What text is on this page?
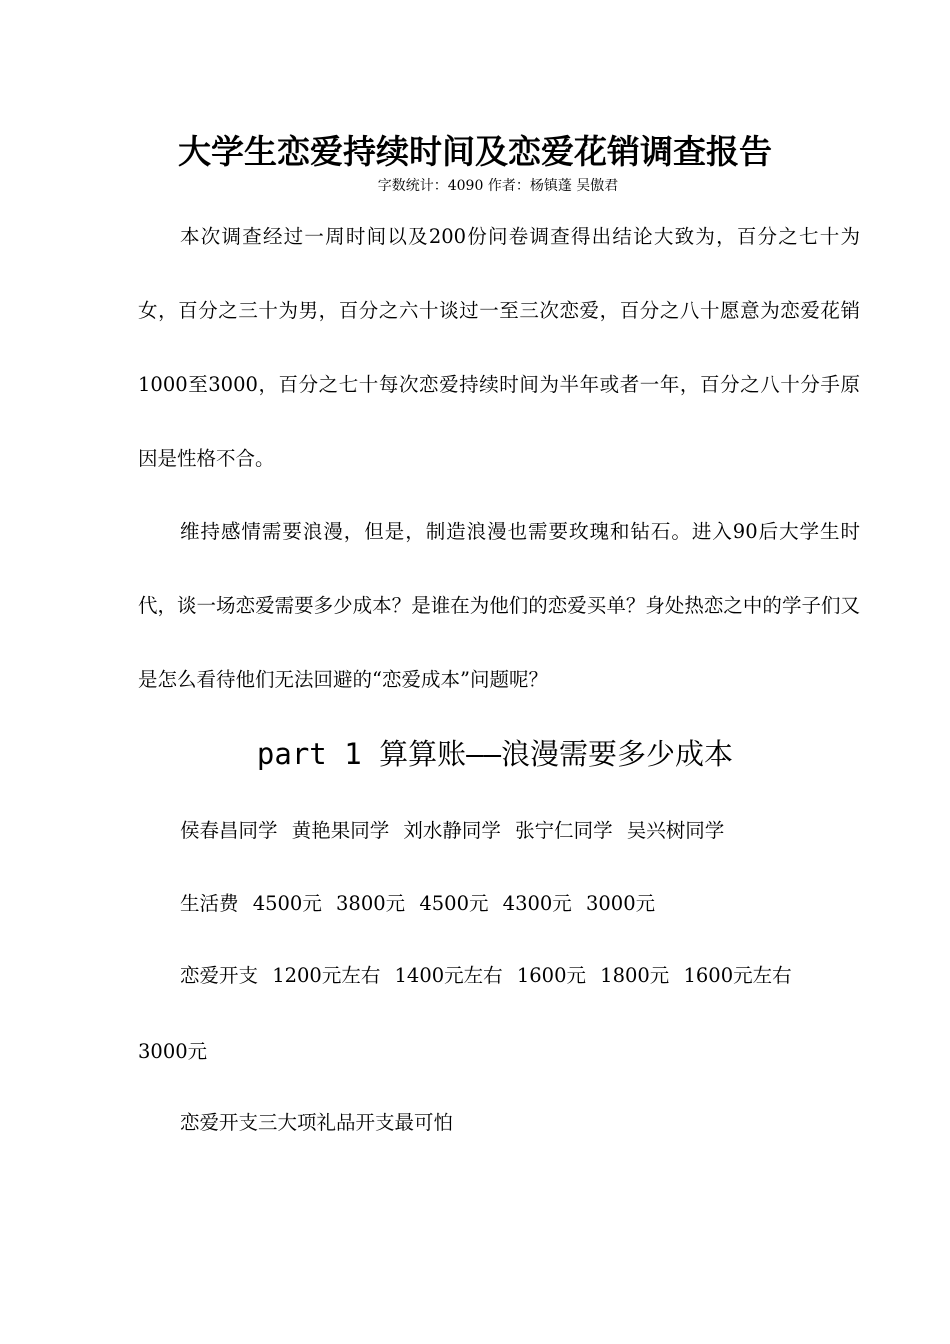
大学生恋爱持续时间及恋爱花销调查报告
字数统计：4090 作者：杨镇蓬 吴傲君

本次调查经过一周时间以及200份问卷调查得出结论大致为，百分之七十为女，百分之三十为男，百分之六十谈过一至三次恋爱，百分之八十愿意为恋爱花销1000至3000，百分之七十每次恋爱持续时间为半年或者一年，百分之八十分手原因是性格不合。

维持感情需要浪漫，但是，制造浪漫也需要玫瑰和钻石。进入90后大学生时代，谈一场恋爱需要多少成本？是谁在为他们的恋爱买单？身处热恋之中的学子们又是怎么看待他们无法回避的“恋爱成本”问题呢？

part 1 算算账——浪漫需要多少成本
侯春昌同学 黄艳果同学 刘水静同学 张宁仁同学 吴兴树同学
生活费 4500元 3800元 4500元 4300元 3000元
恋爱开支 1200元左右 1400元左右 1600元 1800元 1600元左右
3000元
恋爱开支三大项礼品开支最可怕
